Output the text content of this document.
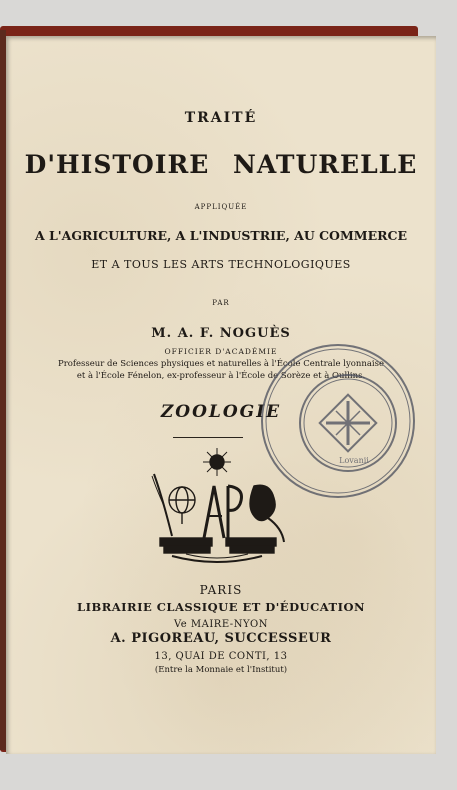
TRAITÉ
D'HISTOIRE NATURELLE
APPLIQUÉE
A L'AGRICULTURE, A L'INDUSTRIE, AU COMMERCE
ET A TOUS LES ARTS TECHNOLOGIQUES
PAR
M. A. F. NOGUÈS
OFFICIER D'ACADÉMIE
Professeur de Sciences physiques et naturelles à l'École Centrale lyonnaise
et à l'École Fénelon, ex-professeur à l'École de Sorèze et à Oullins.
ZOOLOGIE
Lovanii
PARIS
LIBRAIRIE CLASSIQUE ET D'ÉDUCATION
Ve MAIRE-NYON
A. PIGOREAU, SUCCESSEUR
13, QUAI DE CONTI, 13
(Entre la Monnaie et l'Institut)
